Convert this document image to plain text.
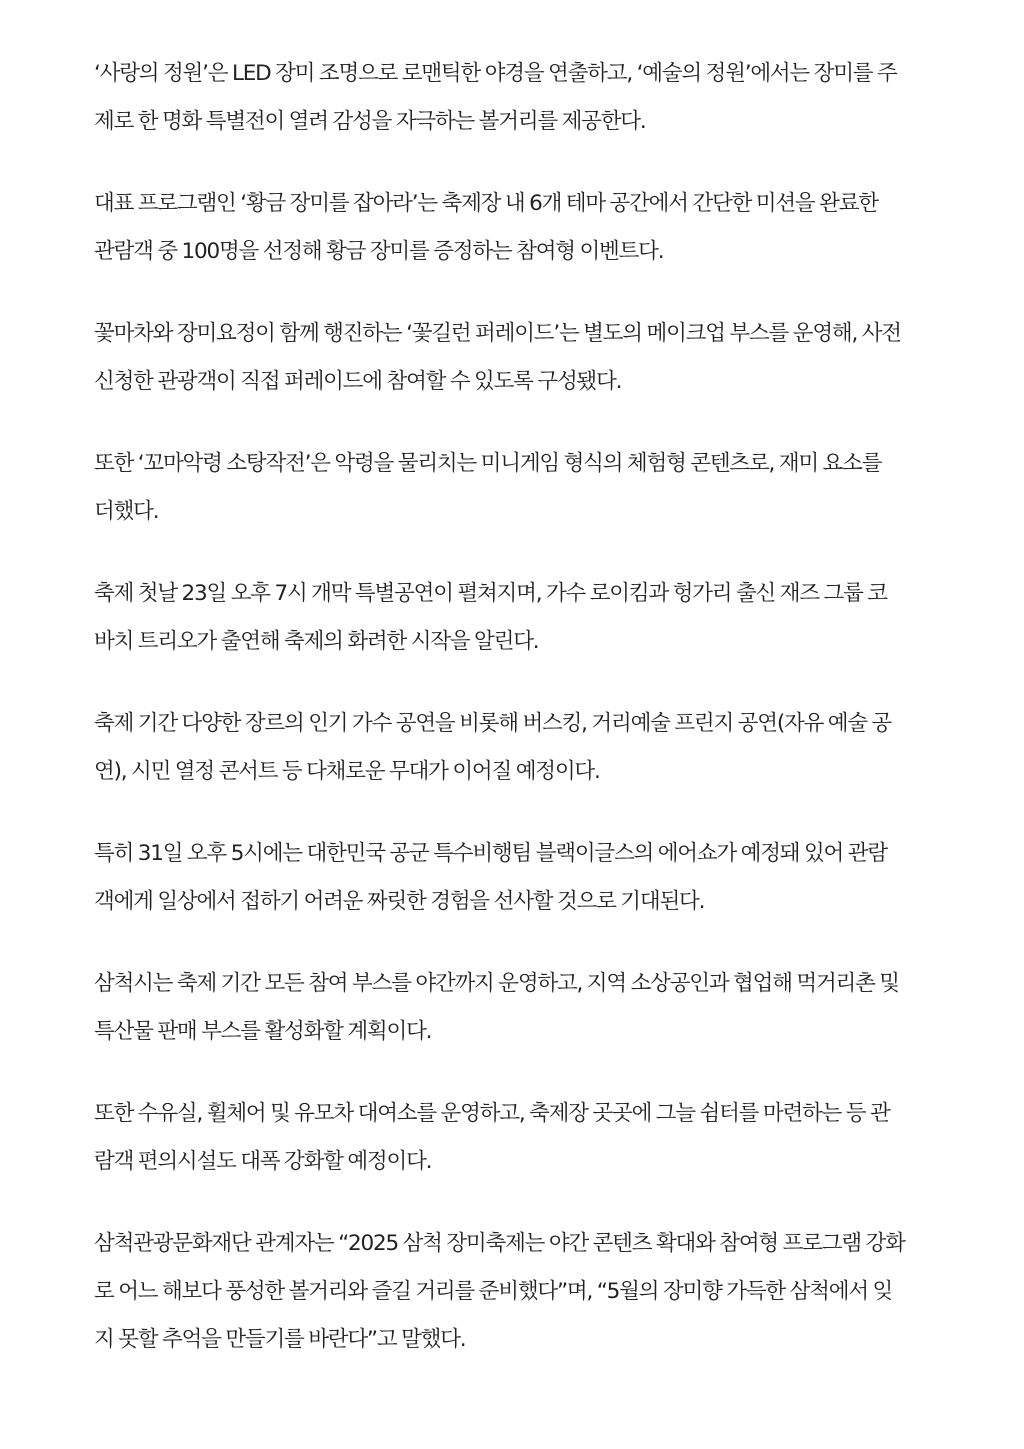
‘사랑의 정원’은 LED 장미 조명으로 로맨틱한 야경을 연출하고, ‘예술의 정원’에서는 장미를 주
제로 한 명화 특별전이 열려 감성을 자극하는 볼거리를 제공한다.

대표 프로그램인 ‘황금 장미를 잡아라’는 축제장 내 6개 테마 공간에서 간단한 미션을 완료한
관람객 중 100명을 선정해 황금 장미를 증정하는 참여형 이벤트다.

꽃마차와 장미요정이 함께 행진하는 ‘꽃길런 퍼레이드’는 별도의 메이크업 부스를 운영해, 사전
신청한 관광객이 직접 퍼레이드에 참여할 수 있도록 구성됐다.

또한 ‘꼬마악령 소탕작전’은 악령을 물리치는 미니게임 형식의 체험형 콘텐츠로, 재미 요소를
더했다.

축제 첫날 23일 오후 7시 개막 특별공연이 펼쳐지며, 가수 로이킴과 헝가리 출신 재즈 그룹 코
바치 트리오가 출연해 축제의 화려한 시작을 알린다.

축제 기간 다양한 장르의 인기 가수 공연을 비롯해 버스킹, 거리예술 프린지 공연(자유 예술 공
연), 시민 열정 콘서트 등 다채로운 무대가 이어질 예정이다.

특히 31일 오후 5시에는 대한민국 공군 특수비행팀 블랙이글스의 에어쇼가 예정돼 있어 관람
객에게 일상에서 접하기 어려운 짜릿한 경험을 선사할 것으로 기대된다.

삼척시는 축제 기간 모든 참여 부스를 야간까지 운영하고, 지역 소상공인과 협업해 먹거리촌 및
특산물 판매 부스를 활성화할 계획이다.

또한 수유실, 휠체어 및 유모차 대여소를 운영하고, 축제장 곳곳에 그늘 쉼터를 마련하는 등 관
람객 편의시설도 대폭 강화할 예정이다.

삼척관광문화재단 관계자는 “2025 삼척 장미축제는 야간 콘텐츠 확대와 참여형 프로그램 강화
로 어느 해보다 풍성한 볼거리와 즐길 거리를 준비했다”며, “5월의 장미향 가득한 삼척에서 잊
지 못할 추억을 만들기를 바란다”고 말했다.
